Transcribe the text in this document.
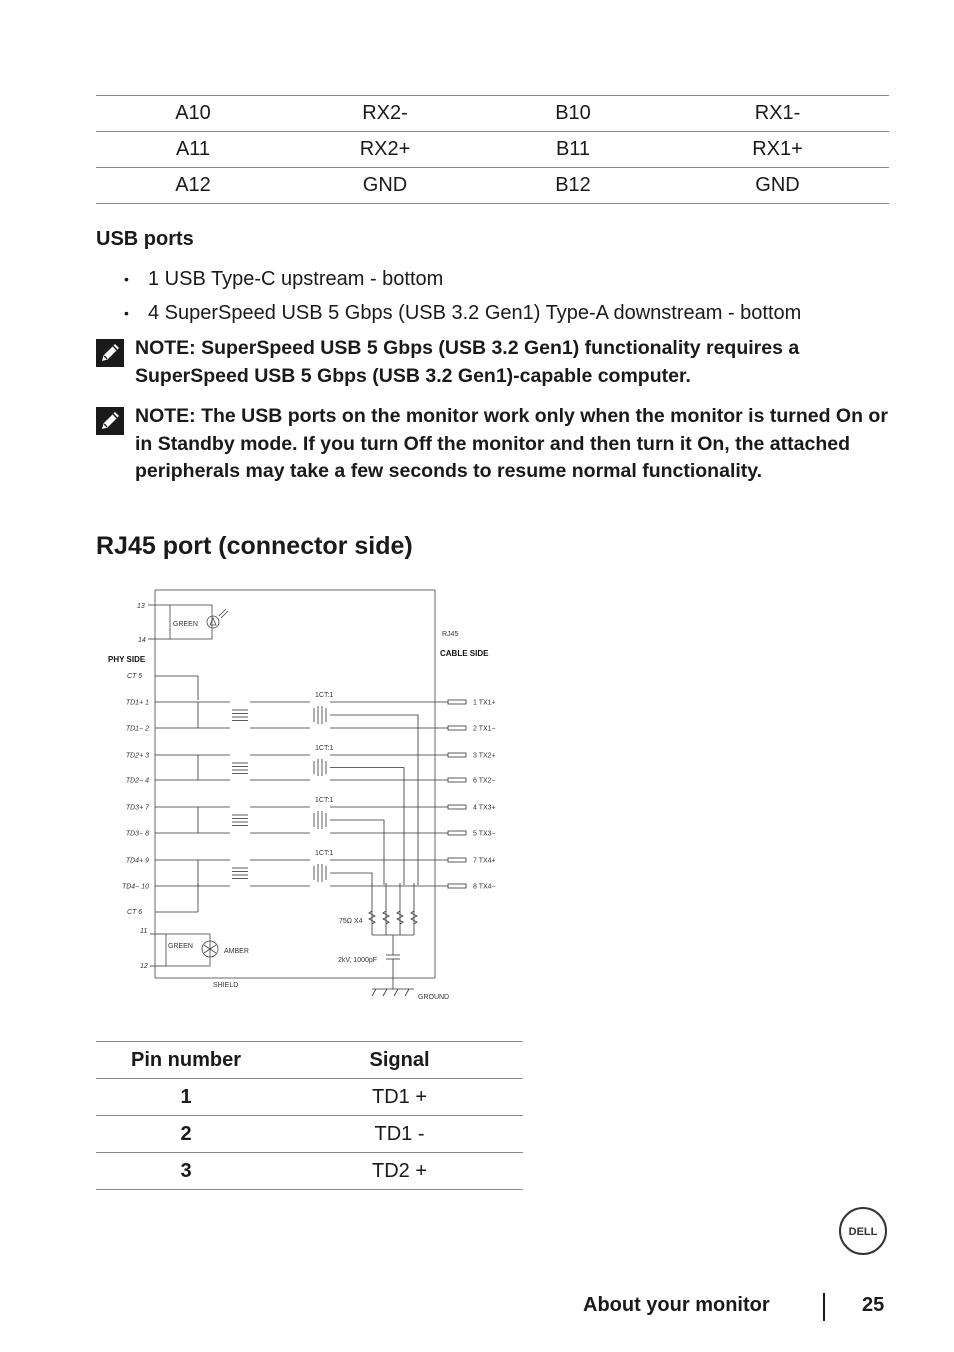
A10	RX2-	B10	RX1-
A11	RX2+	B11	RX1+
A12	GND	B12	GND
USB ports
• 1 USB Type-C upstream - bottom
• 4 SuperSpeed USB 5 Gbps (USB 3.2 Gen1) Type-A downstream - bottom
NOTE: SuperSpeed USB 5 Gbps (USB 3.2 Gen1) functionality requires a SuperSpeed USB 5 Gbps (USB 3.2 Gen1)-capable computer.
NOTE: The USB ports on the monitor work only when the monitor is turned On or in Standby mode. If you turn Off the monitor and then turn it On, the attached peripherals may take a few seconds to resume normal functionality.
RJ45 port (connector side)
13
14
GREEN
RJ45
CABLE SIDE
PHY SIDE
CT 5
TD1+ 1	1 TX1+
TD1− 2	2 TX1−
TD2+ 3	3 TX2+
TD2− 4	6 TX2−
TD3+ 7	4 TX3+
TD3− 8	5 TX3−
TD4+ 9	7 TX4+
TD4− 10	8 TX4−
1CT:1
1CT:1
1CT:1
1CT:1
CT 6
11
12
GREEN
AMBER
75Ω X4
2kV, 1000pF
SHIELD
GROUND
Pin number	Signal
1	TD1 +
2	TD1 -
3	TD2 +
DELL
About your monitor	25
